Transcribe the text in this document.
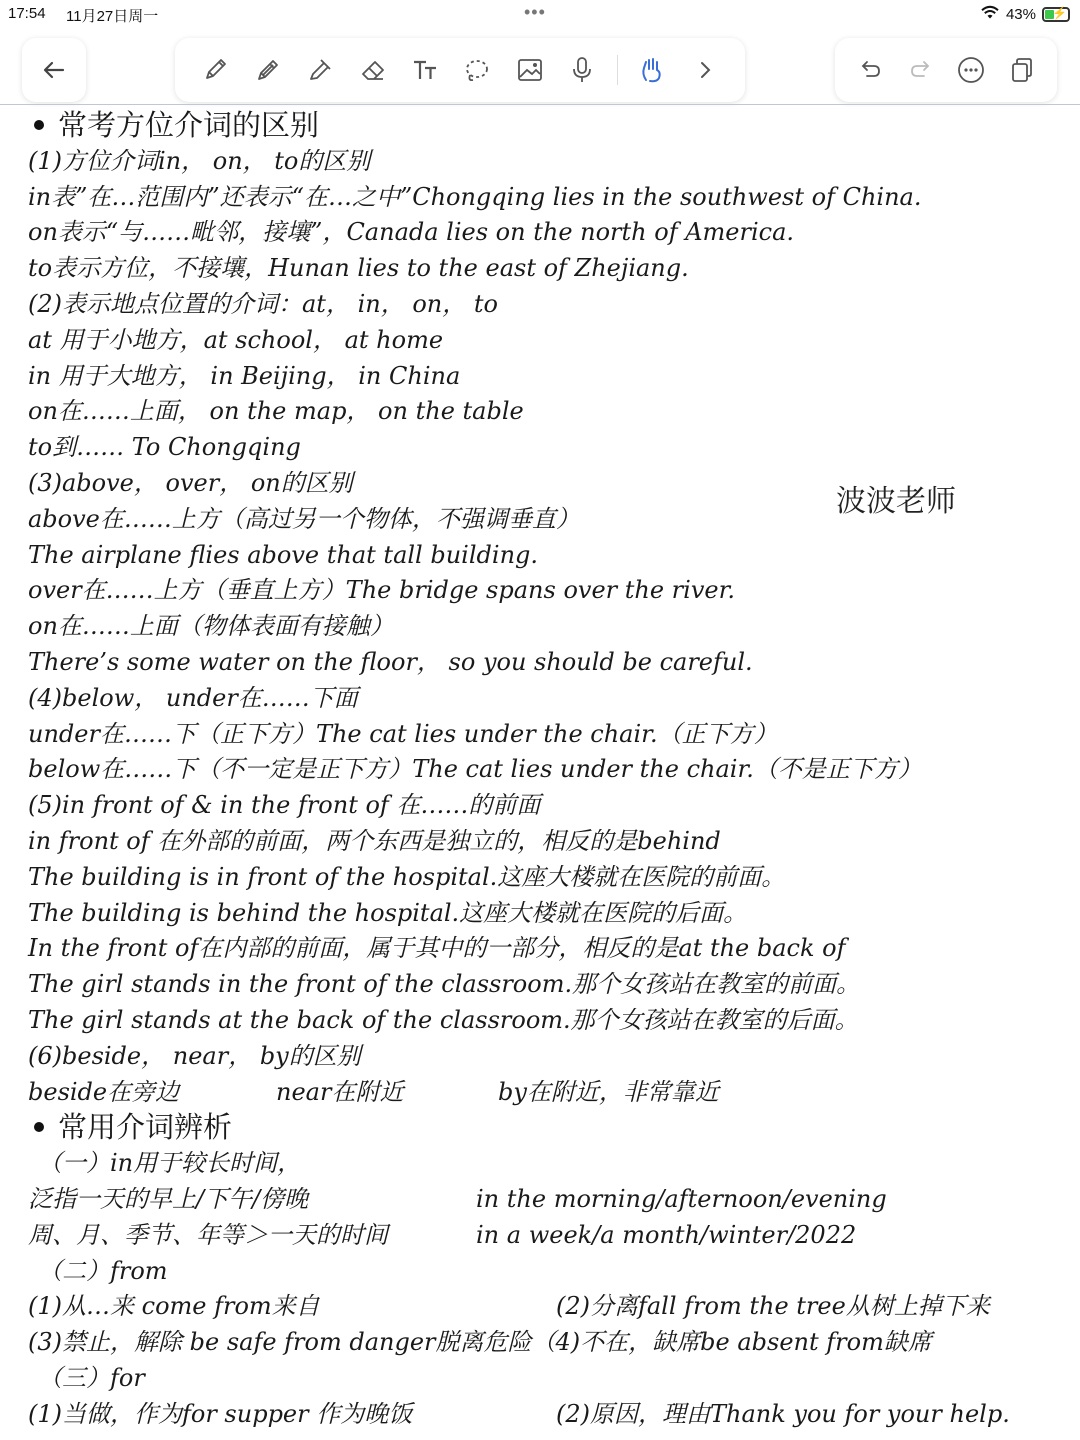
17:54 11月27日周一	•••	43% ⚡
常考方位介词的区别
(1)方位介词in， on， to的区别
in表”在…范围内”还表示“在…之中”Chongqing lies in the southwest of China.
on表示“与……毗邻，接壤”，Canada lies on the north of America.
to表示方位，不接壤，Hunan lies to the east of Zhejiang.
(2)表示地点位置的介词：at， in， on， to
at 用于小地方，at school， at home
in 用于大地方， in Beijing， in China
on在……上面， on the map， on the table
to到…… To Chongqing
(3)above， over， on的区别
above在……上方（高过另一个物体，不强调垂直）
The airplane flies above that tall building.
over在……上方（垂直上方）The bridge spans over the river.
on在……上面（物体表面有接触）
There’s some water on the floor， so you should be careful.
(4)below， under在……下面
under在……下（正下方）The cat lies under the chair.（正下方）
below在……下（不一定是正下方）The cat lies under the chair.（不是正下方）
(5)in front of & in the front of 在……的前面
in front of 在外部的前面，两个东西是独立的，相反的是behind
The building is in front of the hospital.这座大楼就在医院的前面。
The building is behind the hospital.这座大楼就在医院的后面。
In the front of在内部的前面，属于其中的一部分，相反的是at the back of
The girl stands in the front of the classroom.那个女孩站在教室的前面。
The girl stands at the back of the classroom.那个女孩站在教室的后面。
(6)beside， near， by的区别
beside在旁边	near在附近	by在附近，非常靠近
常用介词辨析
（一）in用于较长时间，
泛指一天的早上/下午/傍晚	in the morning/afternoon/evening
周、月、季节、年等＞一天的时间	in a week/a month/winter/2022
（二）from
(1)从…来 come from来自	(2)分离fall from the tree从树上掉下来
(3)禁止，解除 be safe from danger脱离危险（4)不在，缺席be absent from缺席
（三）for
(1)当做，作为for supper 作为晚饭	(2)原因，理由Thank you for your help.
波波老师
